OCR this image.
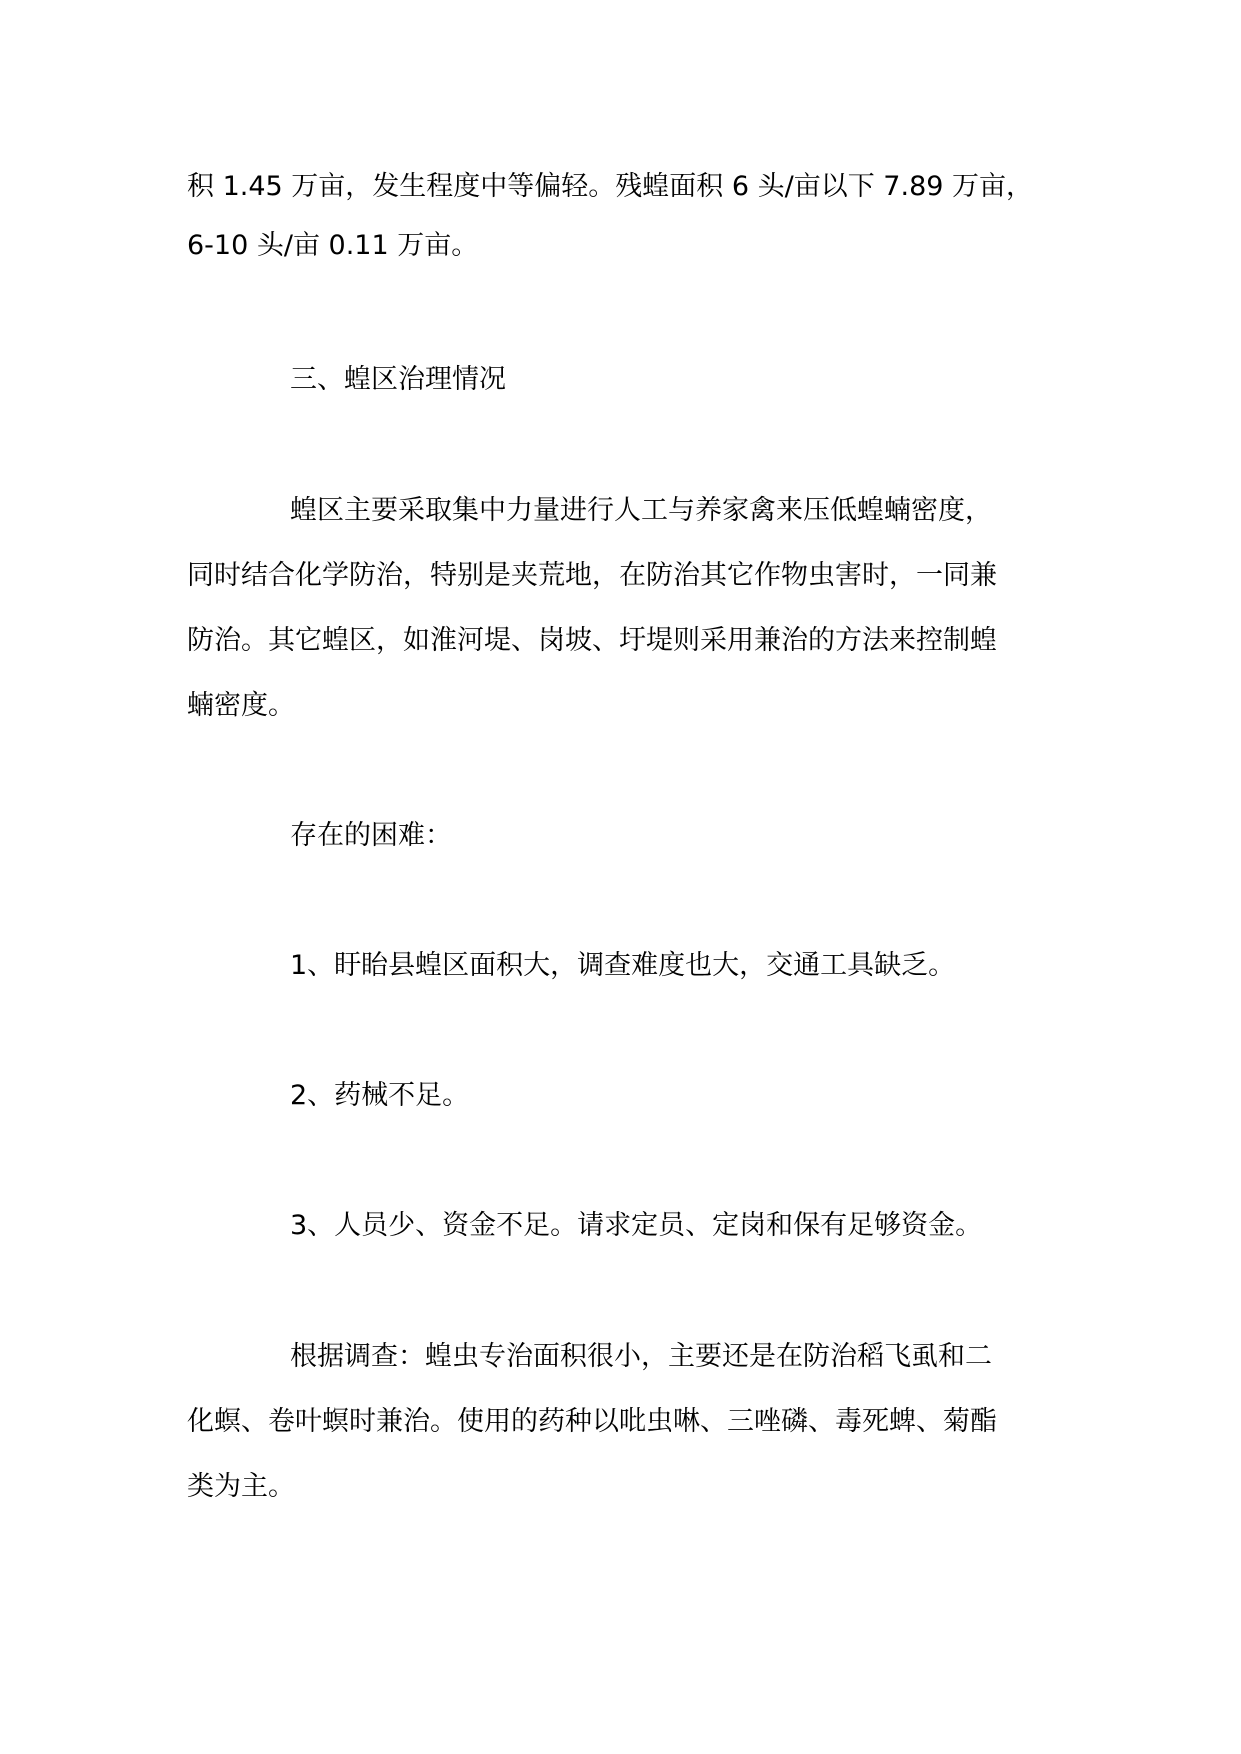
积 1.45 万亩，发生程度中等偏轻。残蝗面积 6 头/亩以下 7.89 万亩，
6-10 头/亩 0.11 万亩。
三、蝗区治理情况
蝗区主要采取集中力量进行人工与养家禽来压低蝗蝻密度，
同时结合化学防治，特别是夹荒地，在防治其它作物虫害时，一同兼
防治。其它蝗区，如淮河堤、岗坡、圩堤则采用兼治的方法来控制蝗
蝻密度。
存在的困难：
1、盱眙县蝗区面积大，调查难度也大，交通工具缺乏。
2、药械不足。
3、人员少、资金不足。请求定员、定岗和保有足够资金。
根据调查：蝗虫专治面积很小，主要还是在防治稻飞虱和二
化螟、卷叶螟时兼治。使用的药种以吡虫啉、三唑磷、毒死蜱、菊酯
类为主。
